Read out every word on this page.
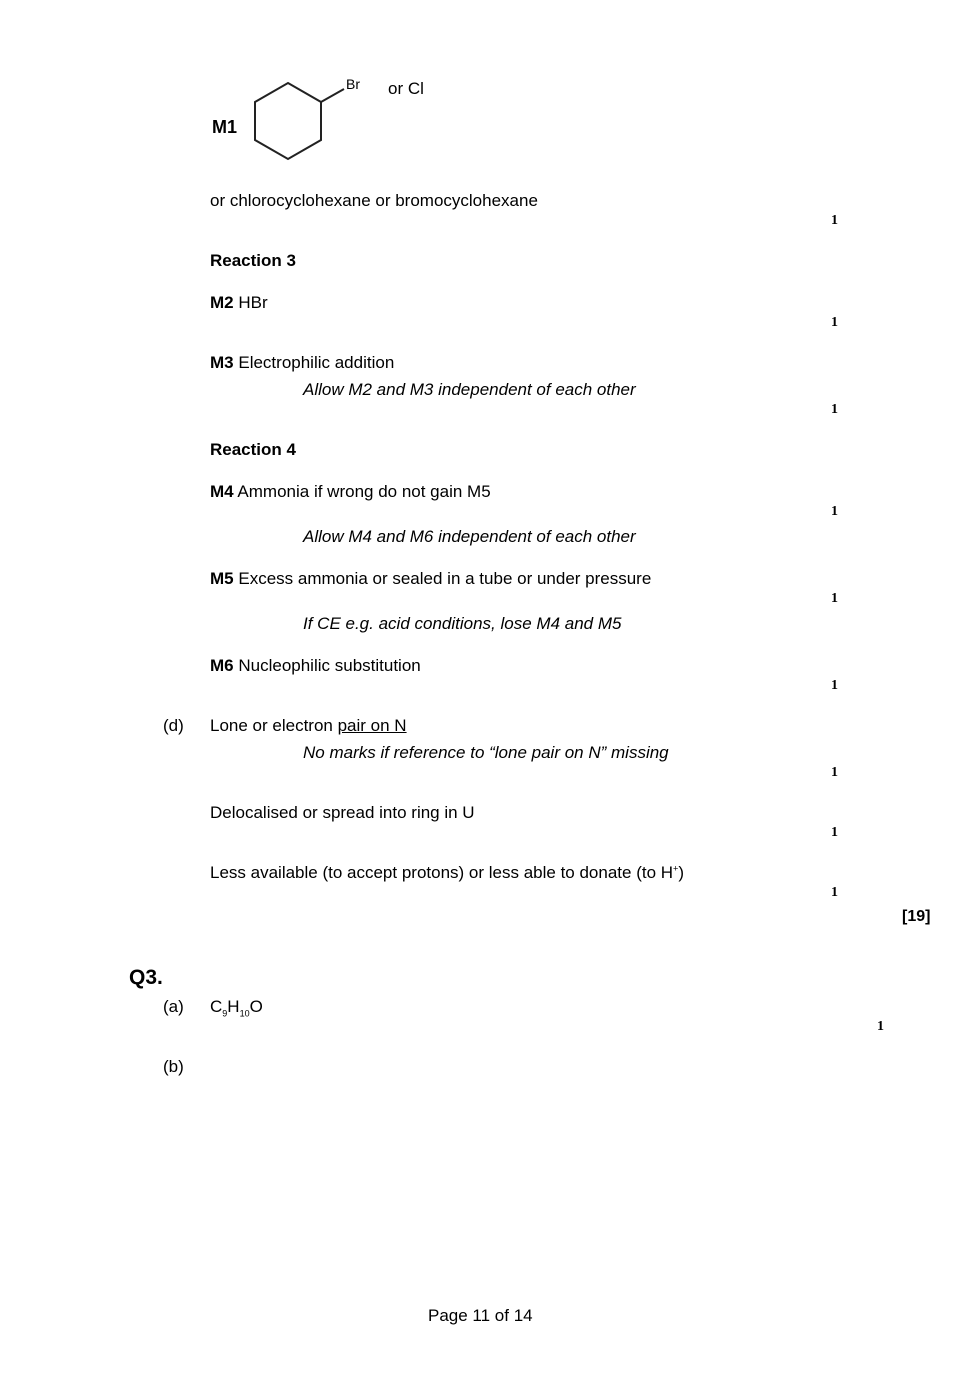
M1
Br or Cl
or chlorocyclohexane or bromocyclohexane
1
Reaction 3
M2 HBr
1
M3 Electrophilic addition
Allow M2 and M3 independent of each other
1
Reaction 4
M4 Ammonia if wrong do not gain M5
1
Allow M4 and M6 independent of each other
M5 Excess ammonia or sealed in a tube or under pressure
1
If CE e.g. acid conditions, lose M4 and M5
M6 Nucleophilic substitution
1
(d) Lone or electron pair on N
No marks if reference to “lone pair on N” missing
1
Delocalised or spread into ring in U
1
Less available (to accept protons) or less able to donate (to H+)
1
[19]
Q3.
(a) $C_9H_{10}O$
1
(b)
Page 11 of 14
